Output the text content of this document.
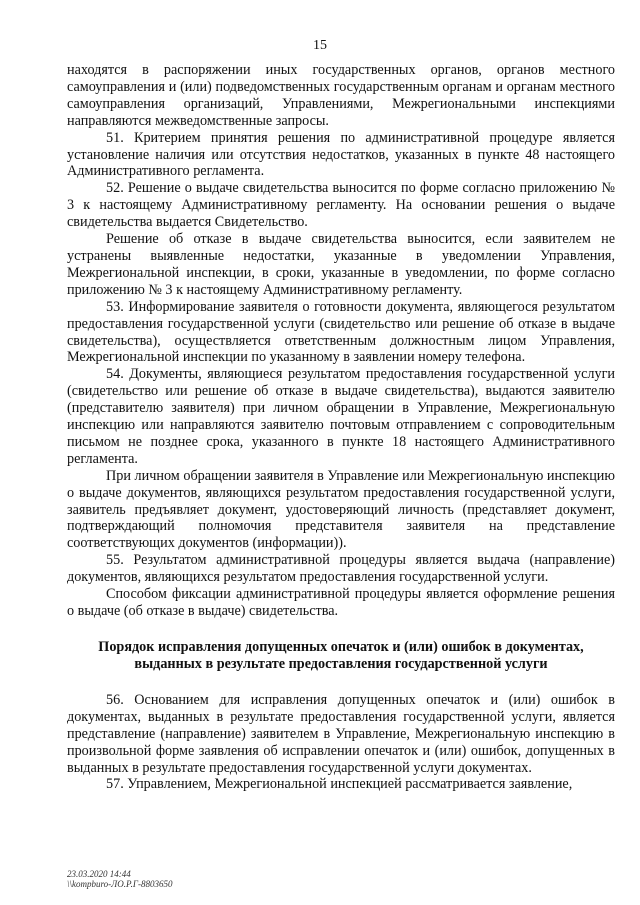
15

находятся в распоряжении иных государственных органов, органов местного самоуправления и (или) подведомственных государственным органам и органам местного самоуправления организаций, Управлениями, Межрегиональными инспекциями направляются межведомственные запросы.

51. Критерием принятия решения по административной процедуре является установление наличия или отсутствия недостатков, указанных в пункте 48 настоящего Административного регламента.

52. Решение о выдаче свидетельства выносится по форме согласно приложению № 3 к настоящему Административному регламенту. На основании решения о выдаче свидетельства выдается Свидетельство.

Решение об отказе в выдаче свидетельства выносится, если заявителем не устранены выявленные недостатки, указанные в уведомлении Управления, Межрегиональной инспекции, в сроки, указанные в уведомлении, по форме согласно приложению № 3 к настоящему Административному регламенту.

53. Информирование заявителя о готовности документа, являющегося результатом предоставления государственной услуги (свидетельство или решение об отказе в выдаче свидетельства), осуществляется ответственным должностным лицом Управления, Межрегиональной инспекции по указанному в заявлении номеру телефона.

54. Документы, являющиеся результатом предоставления государственной услуги (свидетельство или решение об отказе в выдаче свидетельства), выдаются заявителю (представителю заявителя) при личном обращении в Управление, Межрегиональную инспекцию или направляются заявителю почтовым отправлением с сопроводительным письмом не позднее срока, указанного в пункте 18 настоящего Административного регламента.

При личном обращении заявителя в Управление или Межрегиональную инспекцию о выдаче документов, являющихся результатом предоставления государственной услуги, заявитель предъявляет документ, удостоверяющий личность (представляет документ, подтверждающий полномочия представителя заявителя на представление соответствующих документов (информации)).

55. Результатом административной процедуры является выдача (направление) документов, являющихся результатом предоставления государственной услуги.

Способом фиксации административной процедуры является оформление решения о выдаче (об отказе в выдаче) свидетельства.

Порядок исправления допущенных опечаток и (или) ошибок в документах,
выданных в результате предоставления государственной услуги

56. Основанием для исправления допущенных опечаток и (или) ошибок в документах, выданных в результате предоставления государственной услуги, является представление (направление) заявителем в Управление, Межрегиональную инспекцию в произвольной форме заявления об исправлении опечаток и (или) ошибок, допущенных в выданных в результате предоставления государственной услуги документах.

57. Управлением, Межрегиональной инспекцией рассматривается заявление,

23.03.2020 14:44
\\kompburo-ЛО.Р.Г-8803650
